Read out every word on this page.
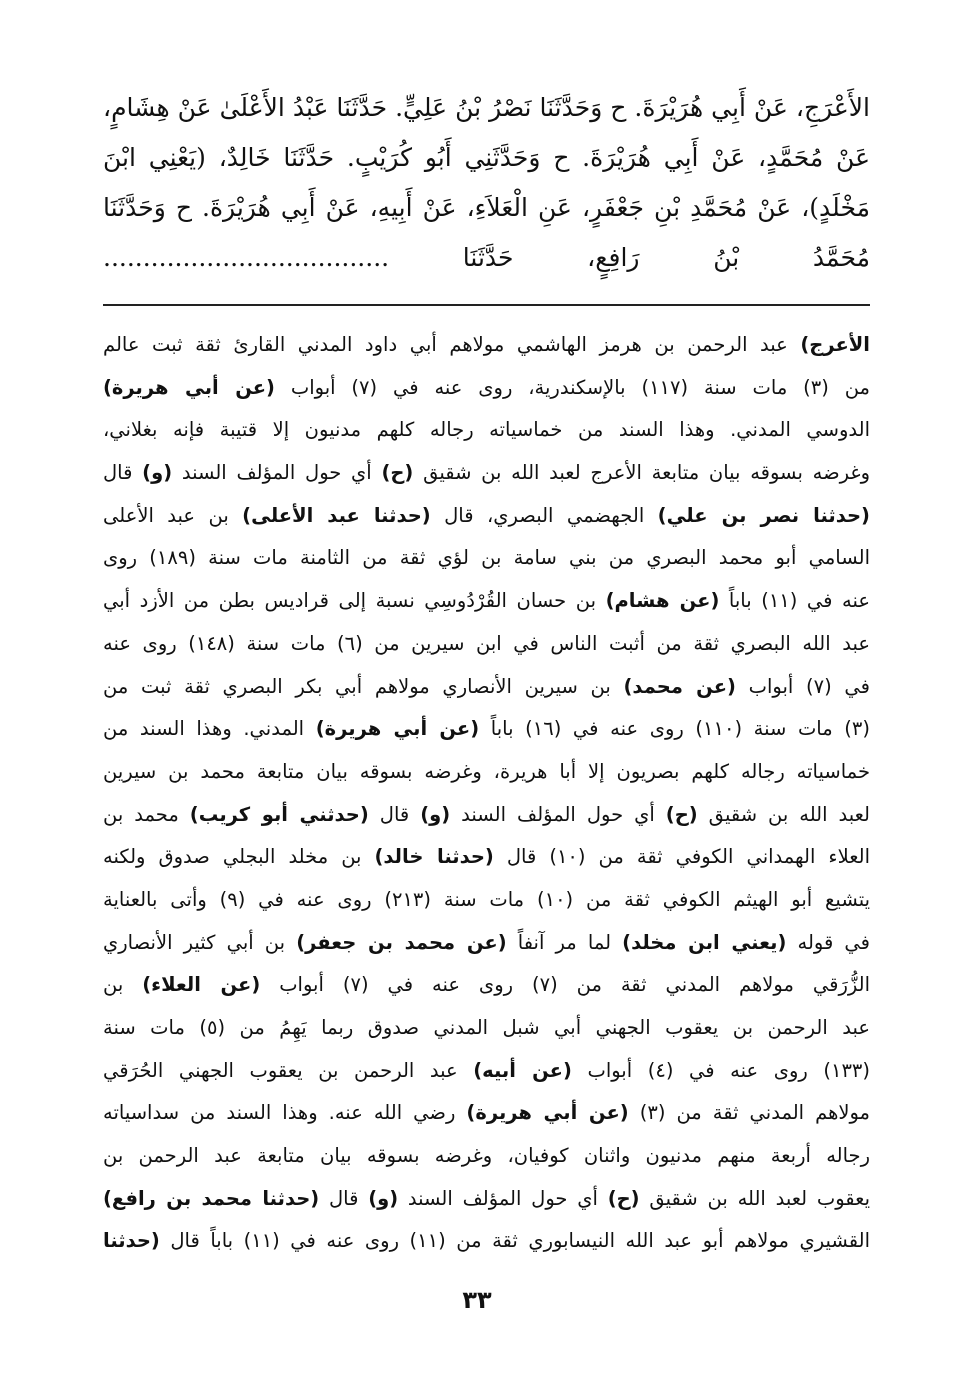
الأَعْرَجِ، عَنْ أَبِي هُرَيْرَةَ. ح وَحَدَّثَنَا نَصْرُ بْنُ عَلِيٍّ. حَدَّثَنَا عَبْدُ الأَعْلَىٰ عَنْ هِشَامٍ،
عَنْ مُحَمَّدٍ، عَنْ أَبِي هُرَيْرَةَ. ح وَحَدَّثَنِي أَبُو كُرَيْبٍ. حَدَّثَنَا خَالِدٌ، (يَعْنِي ابْنَ
مَخْلَدٍ)، عَنْ مُحَمَّدِ بْنِ جَعْفَرٍ، عَنِ الْعَلاَءِ، عَنْ أَبِيهِ، عَنْ أَبِي هُرَيْرَةَ. ح وَحَدَّثَنَا
مُحَمَّدُ بْنُ رَافِعٍ، حَدَّثَنَا ....................................
الأعرج) عبد الرحمن بن هرمز الهاشمي مولاهم أبي داود المدني القارئ ثقة ثبت عالم
من (٣) مات سنة (١١٧) بالإسكندرية، روى عنه في (٧) أبواب (عن أبي هريرة)
الدوسي المدني. وهذا السند من خماسياته رجاله كلهم مدنيون إلا قتيبة فإنه بغلاني،
وغرضه بسوقه بيان متابعة الأعرج لعبد الله بن شقيق (ح) أي حول المؤلف السند (و) قال
(حدثنا نصر بن علي) الجهضمي البصري، قال (حدثنا عبد الأعلى) بن عبد الأعلى
السامي أبو محمد البصري من بني سامة بن لؤي ثقة من الثامنة مات سنة (١٨٩) روى
عنه في (١١) باباً (عن هشام) بن حسان القُرْدُوسِي نسبة إلى قراديس بطن من الأزد أبي
عبد الله البصري ثقة من أثبت الناس في ابن سيرين من (٦) مات سنة (١٤٨) روى عنه
في (٧) أبواب (عن محمد) بن سيرين الأنصاري مولاهم أبي بكر البصري ثقة ثبت من
(٣) مات سنة (١١٠) روى عنه في (١٦) باباً (عن أبي هريرة) المدني. وهذا السند من
خماسياته رجاله كلهم بصريون إلا أبا هريرة، وغرضه بسوقه بيان متابعة محمد بن سيرين
لعبد الله بن شقيق (ح) أي حول المؤلف السند (و) قال (حدثني أبو كريب) محمد بن
العلاء الهمداني الكوفي ثقة من (١٠) قال (حدثنا خالد) بن مخلد البجلي صدوق ولكنه
يتشيع أبو الهيثم الكوفي ثقة من (١٠) مات سنة (٢١٣) روى عنه في (٩) وأتى بالعناية
في قوله (يعني ابن مخلد) لما مر آنفاً (عن محمد بن جعفر) بن أبي كثير الأنصاري
الزُّرَقي مولاهم المدني ثقة من (٧) روى عنه في (٧) أبواب (عن العلاء) بن
عبد الرحمن بن يعقوب الجهني أبي شبل المدني صدوق ربما يَهِمُ من (٥) مات سنة
(١٣٣) روى عنه في (٤) أبواب (عن أبيه) عبد الرحمن بن يعقوب الجهني الحُرَقي
مولاهم المدني ثقة من (٣) (عن أبي هريرة) رضي الله عنه. وهذا السند من سداسياته
رجاله أربعة منهم مدنيون واثنان كوفيان، وغرضه بسوقه بيان متابعة عبد الرحمن بن
يعقوب لعبد الله بن شقيق (ح) أي حول المؤلف السند (و) قال (حدثنا محمد بن رافع)
القشيري مولاهم أبو عبد الله النيسابوري ثقة من (١١) روى عنه في (١١) باباً قال (حدثنا
٣٣
